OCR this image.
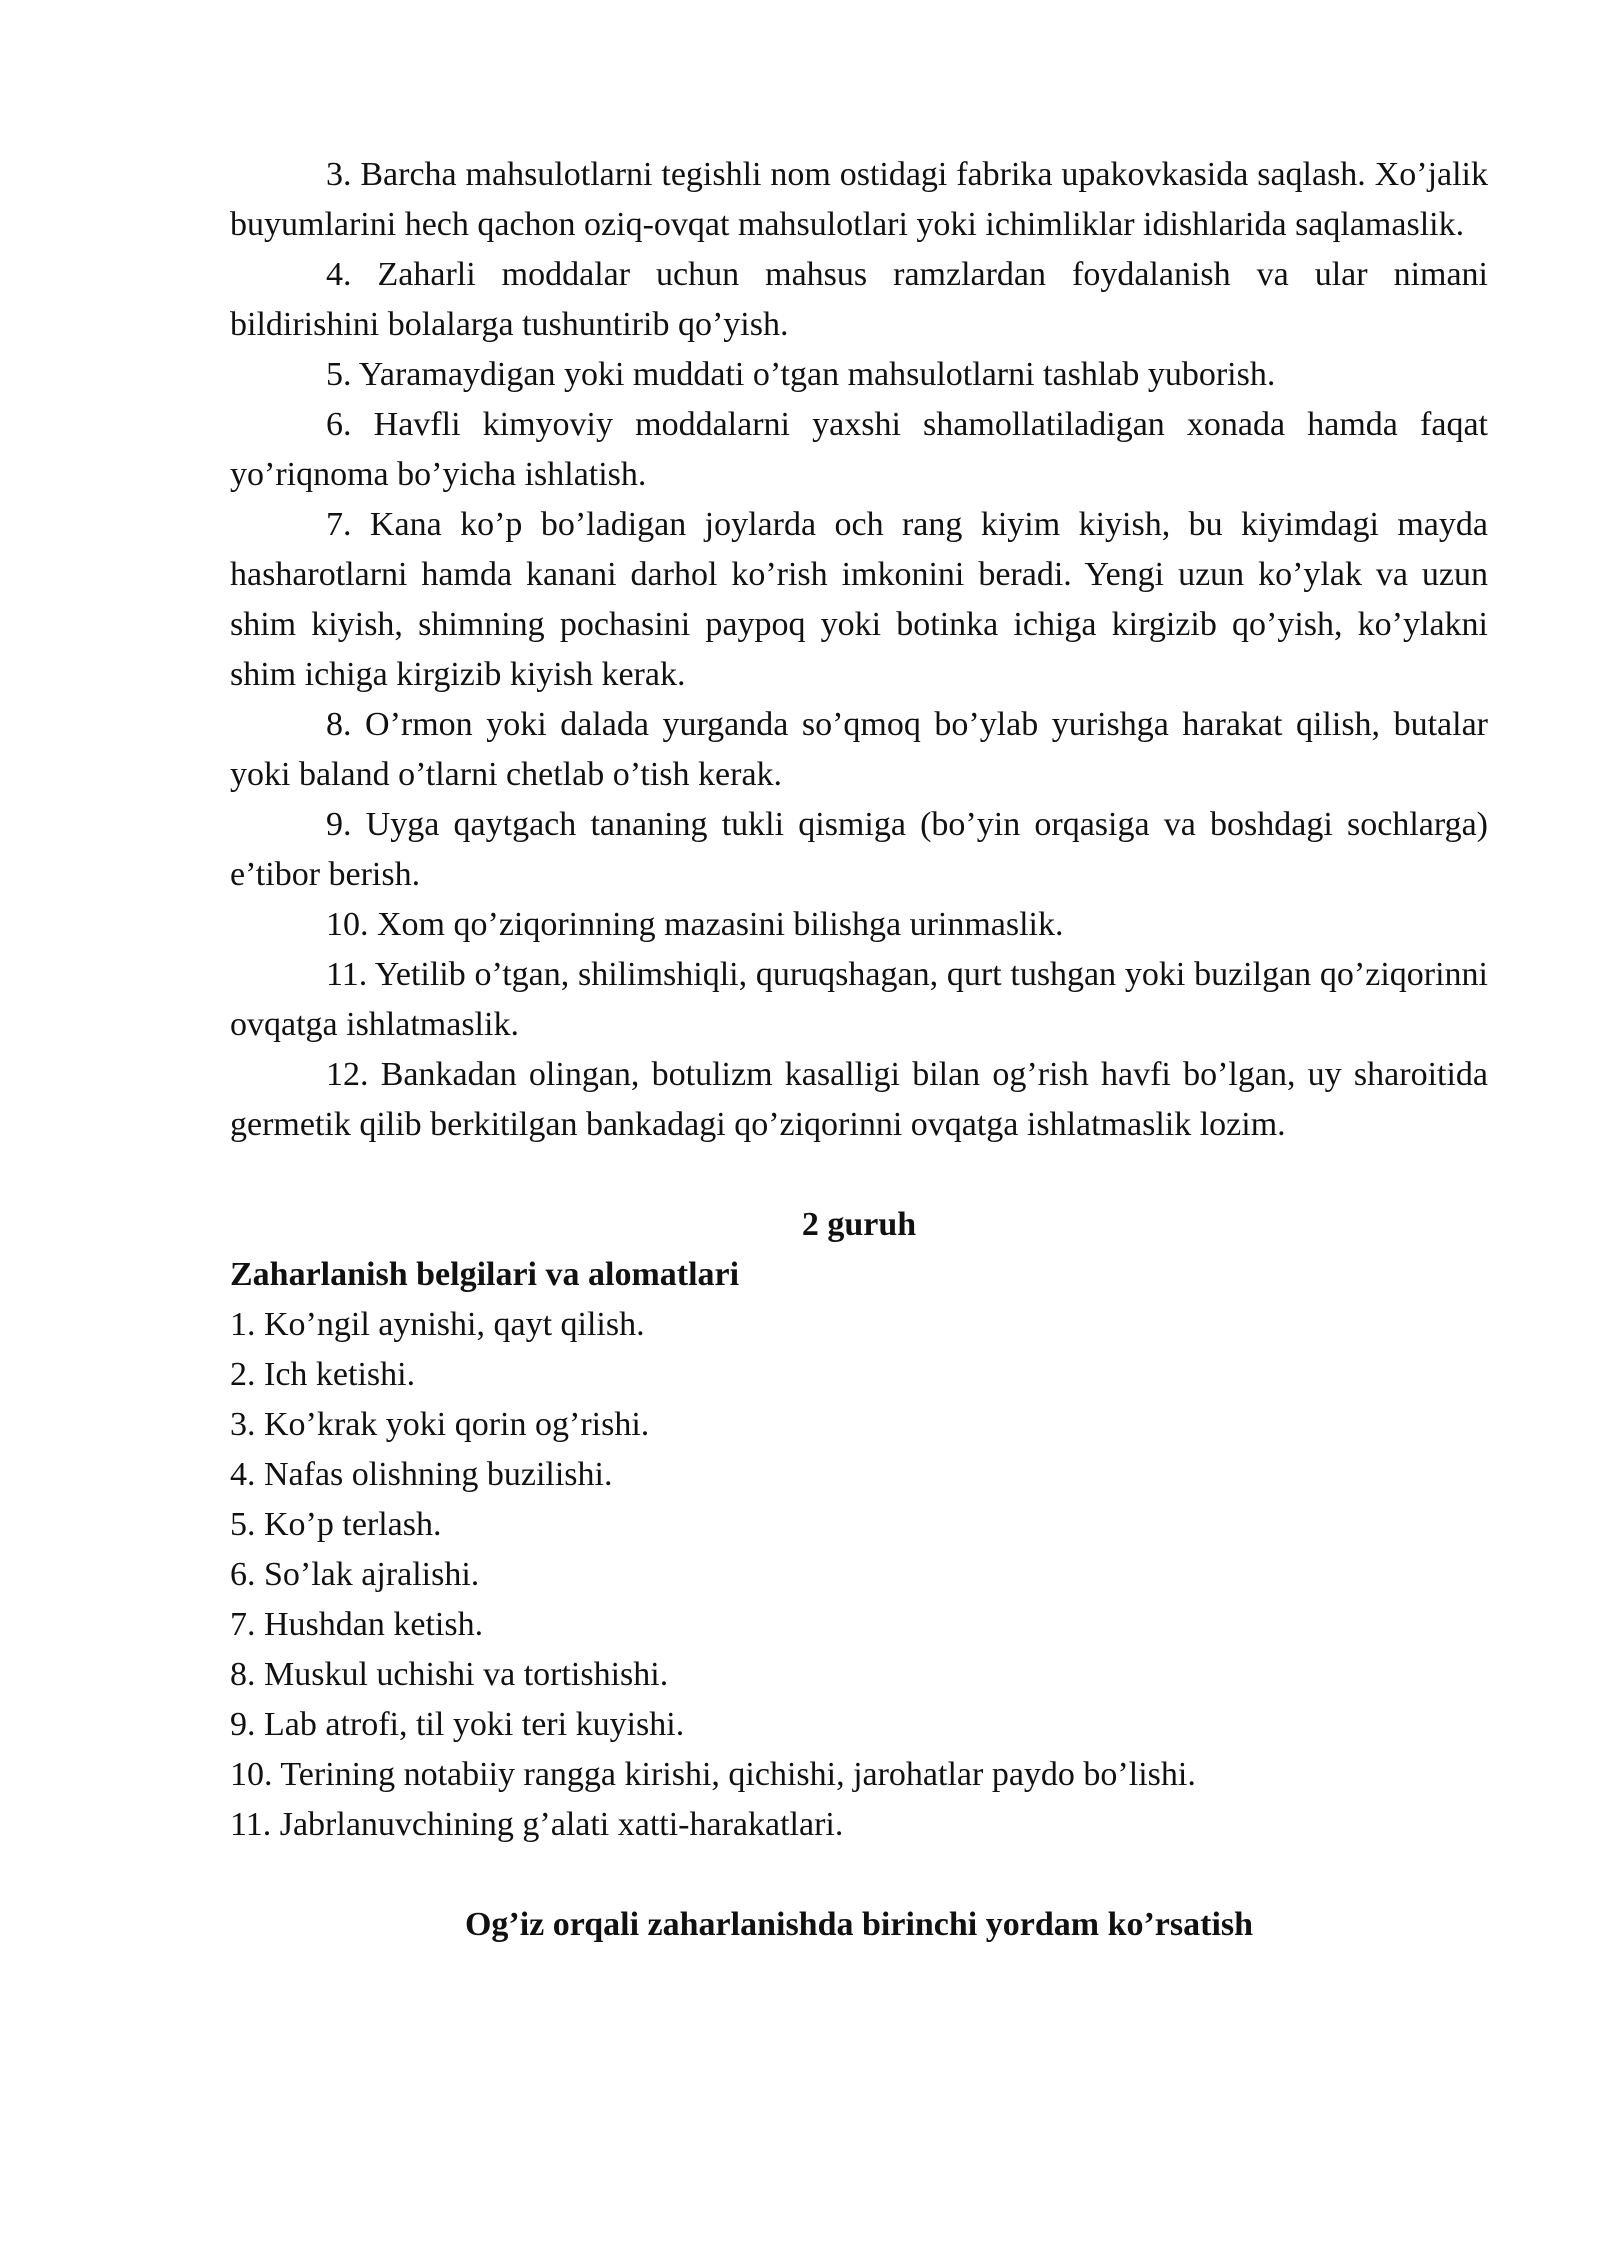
3. Barcha mahsulotlarni tegishli nom ostidagi fabrika upakovkasida saqlash. Xo’jalik buyumlarini hech qachon oziq-ovqat mahsulotlari yoki ichimliklar idishlarida saqlamaslik.

4. Zaharli moddalar uchun mahsus ramzlardan foydalanish va ular nimani bildirishini bolalarga tushuntirib qo’yish.

5. Yaramaydigan yoki muddati o’tgan mahsulotlarni tashlab yuborish.

6. Havfli kimyoviy moddalarni yaxshi shamollatiladigan xonada hamda faqat yo’riqnoma bo’yicha ishlatish.

7. Kana ko’p bo’ladigan joylarda och rang kiyim kiyish, bu kiyimdagi mayda hasharotlarni hamda kanani darhol ko’rish imkonini beradi. Yengi uzun ko’ylak va uzun shim kiyish, shimning pochasini paypoq yoki botinka ichiga kirgizib qo’yish, ko’ylakni shim ichiga kirgizib kiyish kerak.

8. O’rmon yoki dalada yurganda so’qmoq bo’ylab yurishga harakat qilish, butalar yoki baland o’tlarni chetlab o’tish kerak.

9. Uyga qaytgach tananing tukli qismiga (bo’yin orqasiga va boshdagi sochlarga) e’tibor berish.

10. Xom qo’ziqorinning mazasini bilishga urinmaslik.

11. Yetilib o’tgan, shilimshiqli, quruqshagan, qurt tushgan yoki buzilgan qo’ziqorinni ovqatga ishlatmaslik.

12. Bankadan olingan, botulizm kasalligi bilan og’rish havfi bo’lgan, uy sharoitida germetik qilib berkitilgan bankadagi qo’ziqorinni ovqatga ishlatmaslik lozim.

2 guruh

Zaharlanish belgilari va alomatlari

1. Ko’ngil aynishi, qayt qilish.
2. Ich ketishi.
3. Ko’krak yoki qorin og’rishi.
4. Nafas olishning buzilishi.
5. Ko’p terlash.
6. So’lak ajralishi.
7. Hushdan ketish.
8. Muskul uchishi va tortishishi.
9. Lab atrofi, til yoki teri kuyishi.
10. Terining notabiiy rangga kirishi, qichishi, jarohatlar paydo bo’lishi.
11. Jabrlanuvchining g’alati xatti-harakatlari.

Og’iz orqali zaharlanishda birinchi yordam ko’rsatish
